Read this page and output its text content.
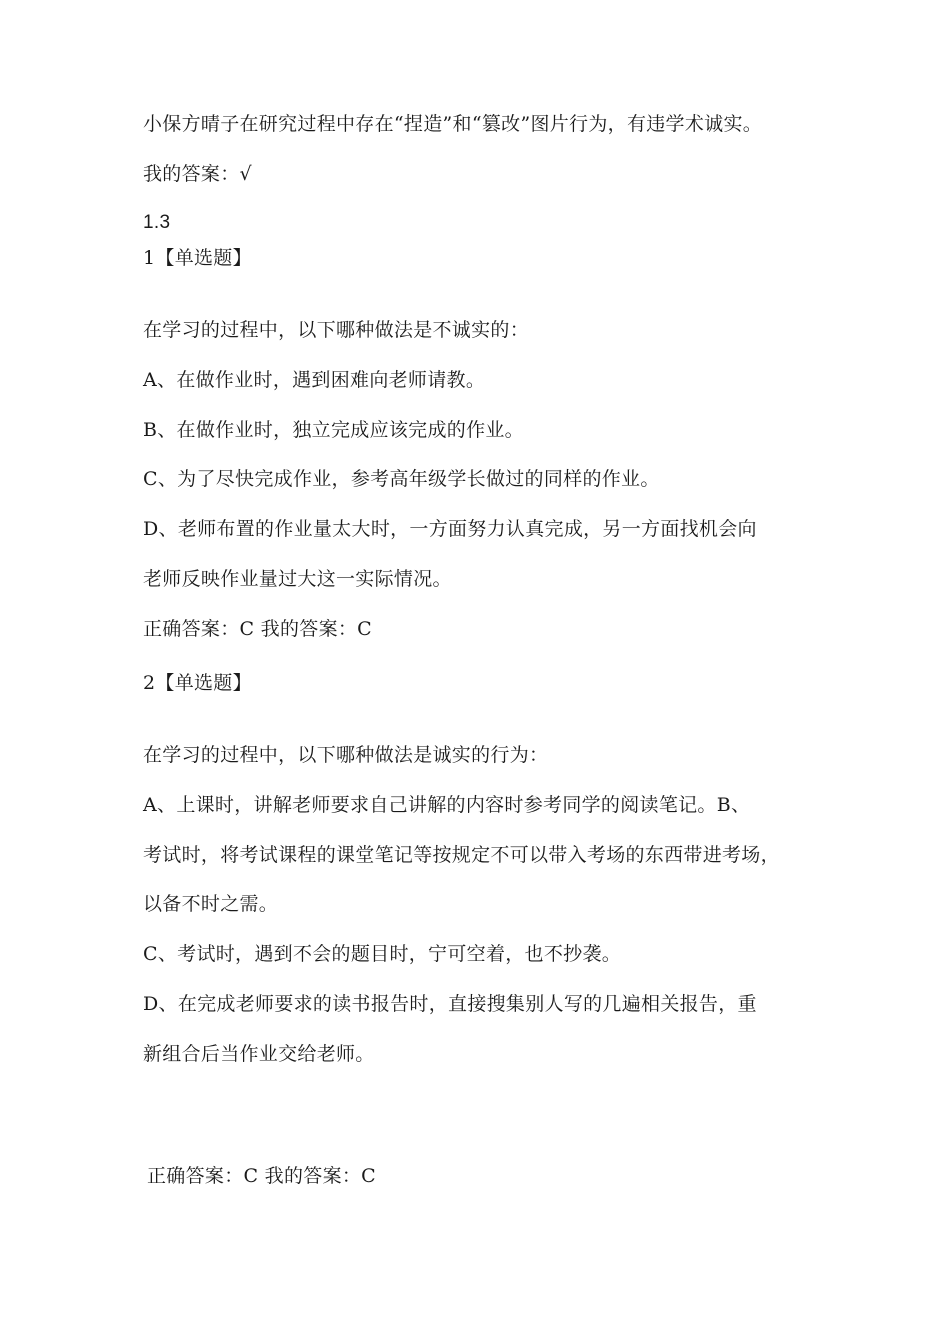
小保方晴子在研究过程中存在“捏造”和“篡改”图片行为，有违学术诚实。
我的答案：√
1.3
1【单选题】
在学习的过程中，以下哪种做法是不诚实的：
A、在做作业时，遇到困难向老师请教。
B、在做作业时，独立完成应该完成的作业。
C、为了尽快完成作业，参考高年级学长做过的同样的作业。
D、老师布置的作业量太大时，一方面努力认真完成，另一方面找机会向
老师反映作业量过大这一实际情况。
正确答案：C 我的答案：C
2【单选题】
在学习的过程中，以下哪种做法是诚实的行为：
A、上课时，讲解老师要求自己讲解的内容时参考同学的阅读笔记。B、
考试时，将考试课程的课堂笔记等按规定不可以带入考场的东西带进考场，
以备不时之需。
C、考试时，遇到不会的题目时，宁可空着，也不抄袭。
D、在完成老师要求的读书报告时，直接搜集别人写的几遍相关报告，重
新组合后当作业交给老师。
正确答案：C 我的答案：C
